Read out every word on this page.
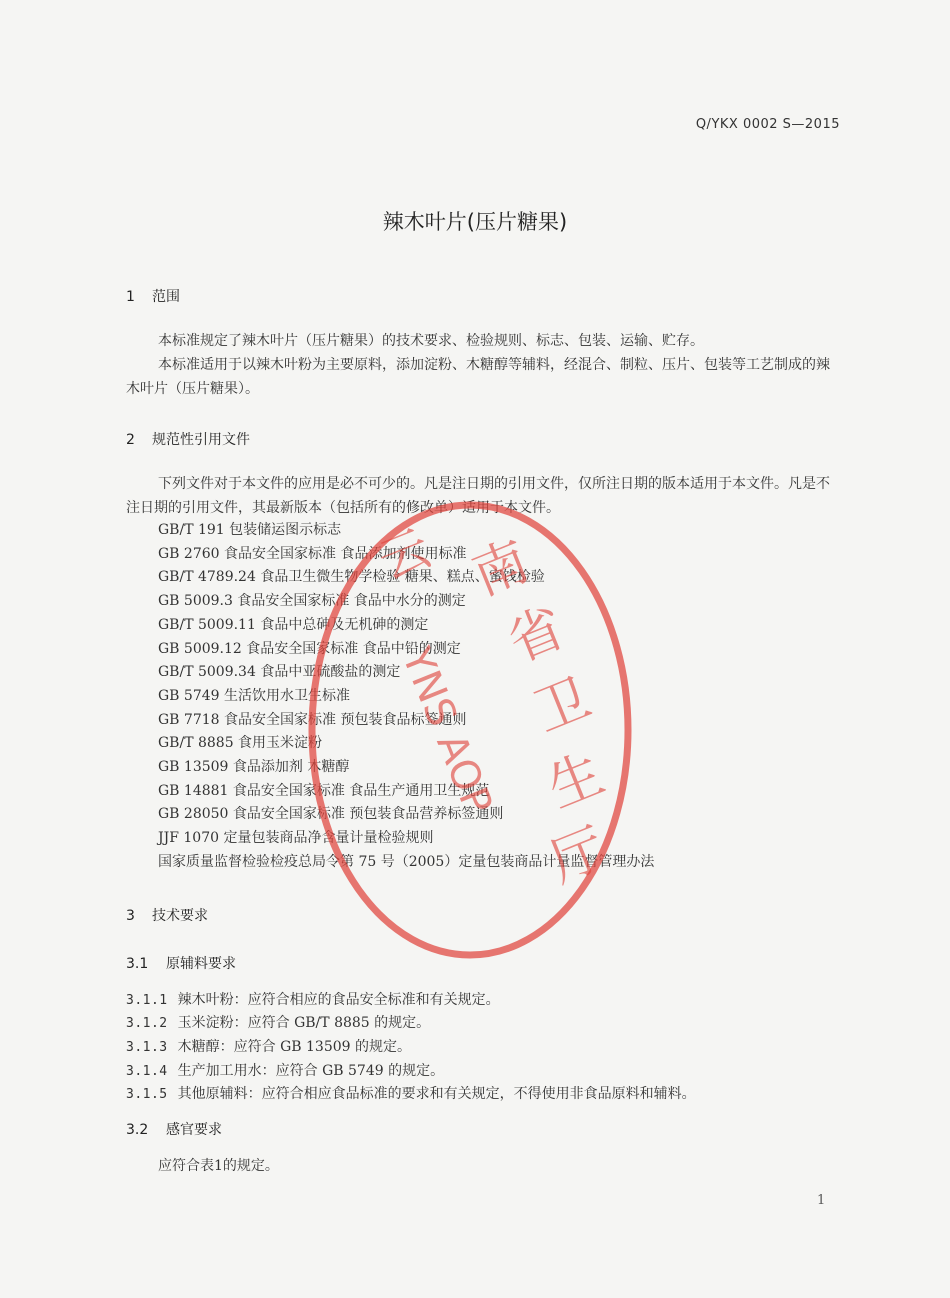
Q/YKX 0002 S—2015
辣木叶片(压片糖果)
1 范围
本标准规定了辣木叶片（压片糖果）的技术要求、检验规则、标志、包装、运输、贮存。
本标准适用于以辣木叶粉为主要原料，添加淀粉、木糖醇等辅料，经混合、制粒、压片、包装等工艺制成的辣木叶片（压片糖果）。
2 规范性引用文件
下列文件对于本文件的应用是必不可少的。凡是注日期的引用文件，仅所注日期的版本适用于本文件。凡是不注日期的引用文件，其最新版本（包括所有的修改单）适用于本文件。
GB/T 191 包装储运图示标志
GB 2760 食品安全国家标准 食品添加剂使用标准
GB/T 4789.24 食品卫生微生物学检验 糖果、糕点、蜜饯检验
GB 5009.3 食品安全国家标准 食品中水分的测定
GB/T 5009.11 食品中总砷及无机砷的测定
GB 5009.12 食品安全国家标准 食品中铅的测定
GB/T 5009.34 食品中亚硫酸盐的测定
GB 5749 生活饮用水卫生标准
GB 7718 食品安全国家标准 预包装食品标签通则
GB/T 8885 食用玉米淀粉
GB 13509 食品添加剂 木糖醇
GB 14881 食品安全国家标准 食品生产通用卫生规范
GB 28050 食品安全国家标准 预包装食品营养标签通则
JJF 1070 定量包装商品净含量计量检验规则
国家质量监督检验检疫总局令第 75 号（2005）定量包装商品计量监督管理办法
3 技术要求
3.1 原辅料要求
3.1.1 辣木叶粉：应符合相应的食品安全标准和有关规定。
3.1.2 玉米淀粉：应符合 GB/T 8885 的规定。
3.1.3 木糖醇：应符合 GB 13509 的规定。
3.1.4 生产加工用水：应符合 GB 5749 的规定。
3.1.5 其他原辅料：应符合相应食品标准的要求和有关规定，不得使用非食品原料和辅料。
3.2 感官要求
应符合表1的规定。
1
南
省
卫
生
厅
云
YNS AOP
